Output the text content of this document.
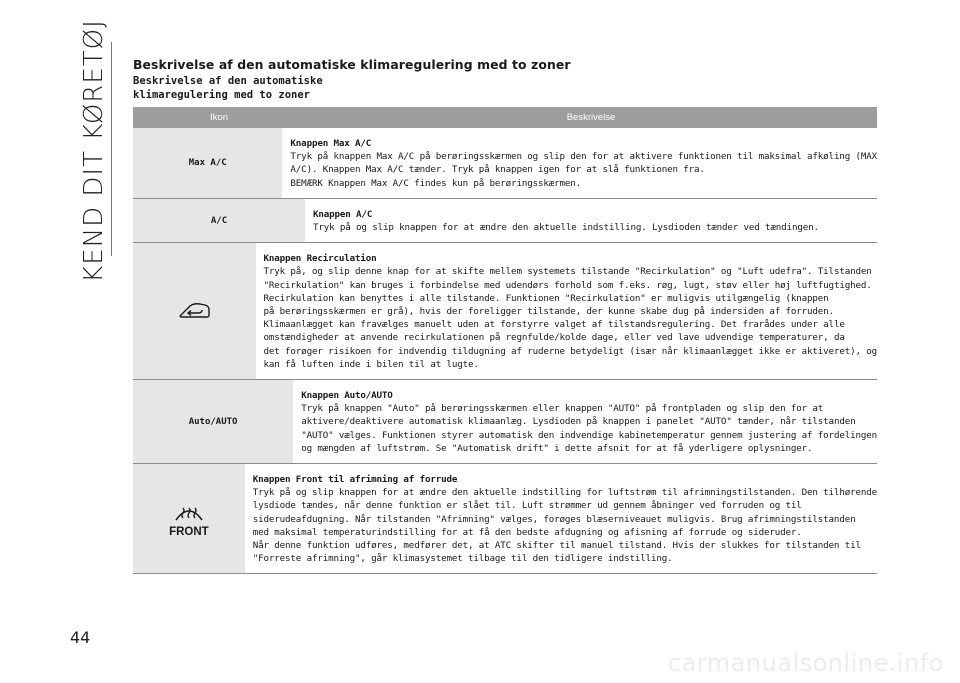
KEND DIT KØRETØJ Beskrivelse af den automatiske klimaregulering med to zoner
Beskrivelse af den automatiske
klimaregulering med to zoner
Ikon	Beskrivelse
Max A/C
Knappen Max A/C
Tryk på knappen Max A/C på berøringsskærmen og slip den for at aktivere funktionen til maksimal afkøling (MAX
A/C). Knappen Max A/C tænder. Tryk på knappen igen for at slå funktionen fra.
BEMÆRK Knappen Max A/C findes kun på berøringsskærmen.
A/C
Knappen A/C
Tryk på og slip knappen for at ændre den aktuelle indstilling. Lysdioden tænder ved tændingen.
Knappen Recirculation
Tryk på, og slip denne knap for at skifte mellem systemets tilstande "Recirkulation" og "Luft udefra". Tilstanden
"Recirkulation" kan bruges i forbindelse med udendørs forhold som f.eks. røg, lugt, støv eller høj luftfugtighed.
Recirkulation kan benyttes i alle tilstande. Funktionen "Recirkulation" er muligvis utilgængelig (knappen
på berøringsskærmen er grå), hvis der foreligger tilstande, der kunne skabe dug på indersiden af forruden.
Klimaanlægget kan fravælges manuelt uden at forstyrre valget af tilstandsregulering. Det frarådes under alle
omstændigheder at anvende recirkulationen på regnfulde/kolde dage, eller ved lave udvendige temperaturer, da
det forøger risikoen for indvendig tildugning af ruderne betydeligt (især når klimaanlægget ikke er aktiveret), og
kan få luften inde i bilen til at lugte.
Auto/AUTO
Knappen Auto/AUTO
Tryk på knappen "Auto" på berøringsskærmen eller knappen "AUTO" på frontpladen og slip den for at
aktivere/deaktivere automatisk klimaanlæg. Lysdioden på knappen i panelet "AUTO" tænder, når tilstanden
"AUTO" vælges. Funktionen styrer automatisk den indvendige kabinetemperatur gennem justering af fordelingen
og mængden af luftstrøm. Se "Automatisk drift" i dette afsnit for at få yderligere oplysninger.
FRONT
Knappen Front til afrimning af forrude
Tryk på og slip knappen for at ændre den aktuelle indstilling for luftstrøm til afrimningstilstanden. Den tilhørende
lysdiode tændes, når denne funktion er slået til. Luft strømmer ud gennem åbninger ved forruden og til
siderudeafdugning. Når tilstanden "Afrimning" vælges, forøges blæserniveauet muligvis. Brug afrimningstilstanden
med maksimal temperaturindstilling for at få den bedste afdugning og afisning af forrude og sideruder.
Når denne funktion udføres, medfører det, at ATC skifter til manuel tilstand. Hvis der slukkes for tilstanden til
"Forreste afrimning", går klimasystemet tilbage til den tidligere indstilling.
44
carmanualsonline.info
